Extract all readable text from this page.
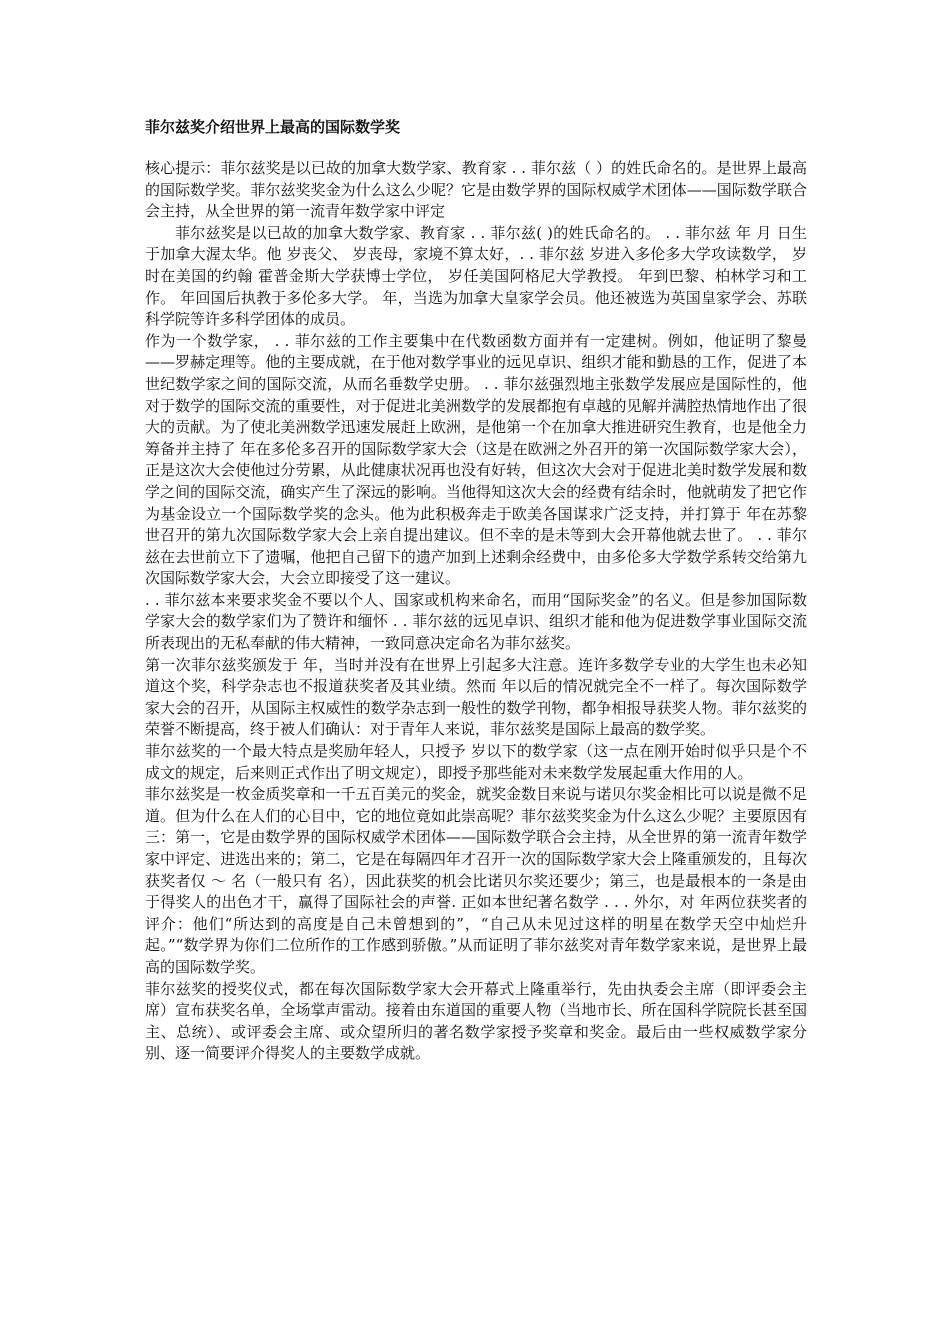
菲尔兹奖介绍世界上最高的国际数学奖

核心提示：菲尔兹奖是以已故的加拿大数学家、教育家 . . 菲尔兹（ ）的姓氏命名的。是世界上最高的国际数学奖。菲尔兹奖奖金为什么这么少呢？它是由数学界的国际权威学术团体——国际数学联合会主持，从全世界的第一流青年数学家中评定

菲尔兹奖是以已故的加拿大数学家、教育家 . . 菲尔兹( )的姓氏命名的。 . . 菲尔兹 年 月 日生于加拿大渥太华。他 岁丧父、 岁丧母，家境不算太好，. . 菲尔兹 岁进入多伦多大学攻读数学， 岁时在美国的约翰 霍普金斯大学获博士学位， 岁任美国阿格尼大学教授。 年到巴黎、柏林学习和工作。 年回国后执教于多伦多大学。 年，当选为加拿大皇家学会员。他还被选为英国皇家学会、苏联科学院等许多科学团体的成员。

作为一个数学家， . . 菲尔兹的工作主要集中在代数函数方面并有一定建树。例如，他证明了黎曼——罗赫定理等。他的主要成就，在于他对数学事业的远见卓识、组织才能和勤恳的工作，促进了本世纪数学家之间的国际交流，从而名垂数学史册。 . . 菲尔兹强烈地主张数学发展应是国际性的，他对于数学的国际交流的重要性，对于促进北美洲数学的发展都抱有卓越的见解并满腔热情地作出了很大的贡献。为了使北美洲数学迅速发展赶上欧洲，是他第一个在加拿大推进研究生教育，也是他全力筹备并主持了 年在多伦多召开的国际数学家大会（这是在欧洲之外召开的第一次国际数学家大会），正是这次大会使他过分劳累，从此健康状况再也没有好转，但这次大会对于促进北美时数学发展和数学之间的国际交流，确实产生了深远的影响。当他得知这次大会的经费有结余时，他就萌发了把它作为基金设立一个国际数学奖的念头。他为此积极奔走于欧美各国谋求广泛支持，并打算于 年在苏黎世召开的第九次国际数学家大会上亲自提出建议。但不幸的是未等到大会开幕他就去世了。 . . 菲尔兹在去世前立下了遗嘱，他把自己留下的遗产加到上述剩余经费中，由多伦多大学数学系转交给第九次国际数学家大会，大会立即接受了这一建议。

. . 菲尔兹本来要求奖金不要以个人、国家或机构来命名，而用“国际奖金”的名义。但是参加国际数学家大会的数学家们为了赞许和缅怀 . . 菲尔兹的远见卓识、组织才能和他为促进数学事业国际交流所表现出的无私奉献的伟大精神，一致同意决定命名为菲尔兹奖。

第一次菲尔兹奖颁发于 年，当时并没有在世界上引起多大注意。连许多数学专业的大学生也未必知道这个奖，科学杂志也不报道获奖者及其业绩。然而 年以后的情况就完全不一样了。每次国际数学家大会的召开，从国际主权威性的数学杂志到一般性的数学刊物，都争相报导获奖人物。菲尔兹奖的荣誉不断提高，终于被人们确认：对于青年人来说，菲尔兹奖是国际上最高的数学奖。

菲尔兹奖的一个最大特点是奖励年轻人，只授予 岁以下的数学家（这一点在刚开始时似乎只是个不成文的规定，后来则正式作出了明文规定），即授予那些能对未来数学发展起重大作用的人。

菲尔兹奖是一枚金质奖章和一千五百美元的奖金，就奖金数目来说与诺贝尔奖金相比可以说是微不足道。但为什么在人们的心目中，它的地位竟如此崇高呢？菲尔兹奖奖金为什么这么少呢？主要原因有三：第一，它是由数学界的国际权威学术团体——国际数学联合会主持，从全世界的第一流青年数学家中评定、进选出来的；第二，它是在每隔四年才召开一次的国际数学家大会上隆重颁发的，且每次获奖者仅 ～ 名（一般只有 名），因此获奖的机会比诺贝尔奖还要少；第三，也是最根本的一条是由于得奖人的出色才干，赢得了国际社会的声誉. 正如本世纪著名数学 . . . 外尔，对 年两位获奖者的评介：他们“所达到的高度是自己未曾想到的”，“自己从未见过这样的明星在数学天空中灿烂升起。”“数学界为你们二位所作的工作感到骄傲。”从而证明了菲尔兹奖对青年数学家来说，是世界上最高的国际数学奖。

菲尔兹奖的授奖仪式，都在每次国际数学家大会开幕式上隆重举行，先由执委会主席（即评委会主席）宣布获奖名单，全场掌声雷动。接着由东道国的重要人物（当地市长、所在国科学院院长甚至国主、总统）、或评委会主席、或众望所归的著名数学家授予奖章和奖金。最后由一些权威数学家分别、逐一简要评介得奖人的主要数学成就。
